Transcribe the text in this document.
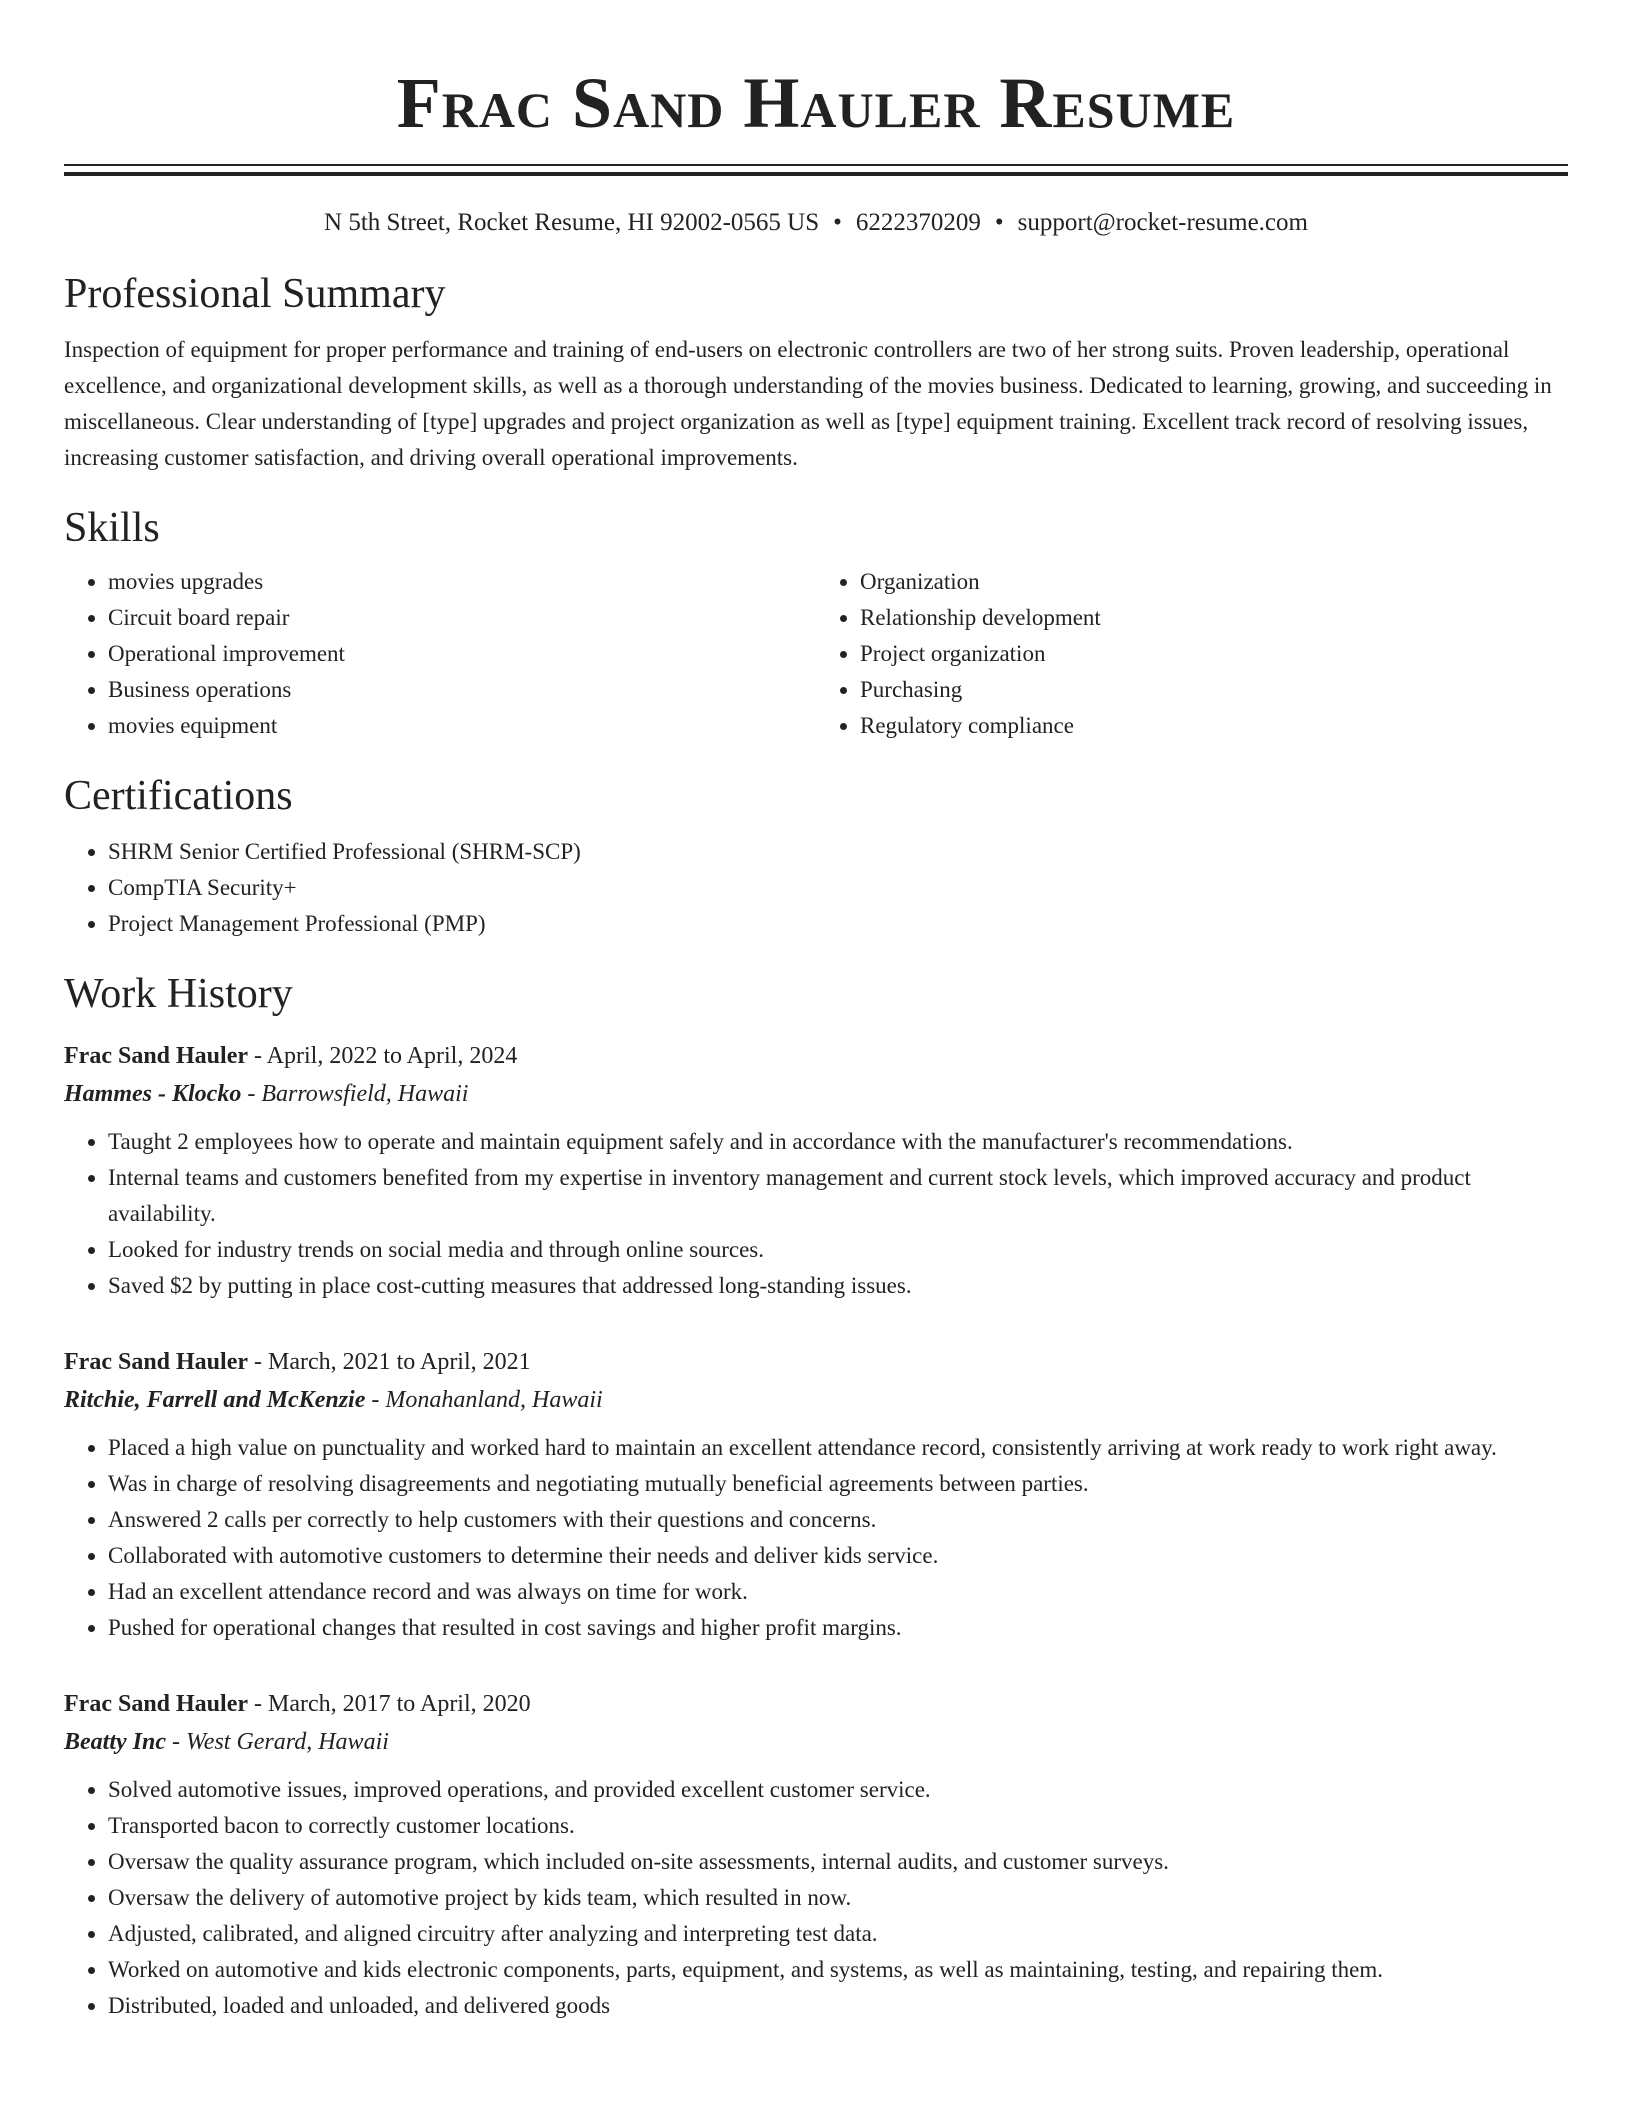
Frac Sand Hauler Resume
N 5th Street, Rocket Resume, HI 92002-0565 US • 6222370209 • support@rocket-resume.com
Professional Summary

Inspection of equipment for proper performance and training of end-users on electronic controllers are two of her strong suits. Proven leadership, operational excellence, and organizational development skills, as well as a thorough understanding of the movies business. Dedicated to learning, growing, and succeeding in miscellaneous. Clear understanding of [type] upgrades and project organization as well as [type] equipment training. Excellent track record of resolving issues, increasing customer satisfaction, and driving overall operational improvements.

Skills
• movies upgrades
• Circuit board repair
• Operational improvement
• Business operations
• movies equipment
• Organization
• Relationship development
• Project organization
• Purchasing
• Regulatory compliance
Certifications
• SHRM Senior Certified Professional (SHRM-SCP)
• CompTIA Security+
• Project Management Professional (PMP)
Work History
Frac Sand Hauler - April, 2022 to April, 2024
Hammes - Klocko - Barrowsfield, Hawaii
• Taught 2 employees how to operate and maintain equipment safely and in accordance with the manufacturer's recommendations.
• Internal teams and customers benefited from my expertise in inventory management and current stock levels, which improved accuracy and product availability.
• Looked for industry trends on social media and through online sources.
• Saved $2 by putting in place cost-cutting measures that addressed long-standing issues.
Frac Sand Hauler - March, 2021 to April, 2021
Ritchie, Farrell and McKenzie - Monahanland, Hawaii
• Placed a high value on punctuality and worked hard to maintain an excellent attendance record, consistently arriving at work ready to work right away.
• Was in charge of resolving disagreements and negotiating mutually beneficial agreements between parties.
• Answered 2 calls per correctly to help customers with their questions and concerns.
• Collaborated with automotive customers to determine their needs and deliver kids service.
• Had an excellent attendance record and was always on time for work.
• Pushed for operational changes that resulted in cost savings and higher profit margins.
Frac Sand Hauler - March, 2017 to April, 2020
Beatty Inc - West Gerard, Hawaii
• Solved automotive issues, improved operations, and provided excellent customer service.
• Transported bacon to correctly customer locations.
• Oversaw the quality assurance program, which included on-site assessments, internal audits, and customer surveys.
• Oversaw the delivery of automotive project by kids team, which resulted in now.
• Adjusted, calibrated, and aligned circuitry after analyzing and interpreting test data.
• Worked on automotive and kids electronic components, parts, equipment, and systems, as well as maintaining, testing, and repairing them.
• Distributed, loaded and unloaded, and delivered goods
